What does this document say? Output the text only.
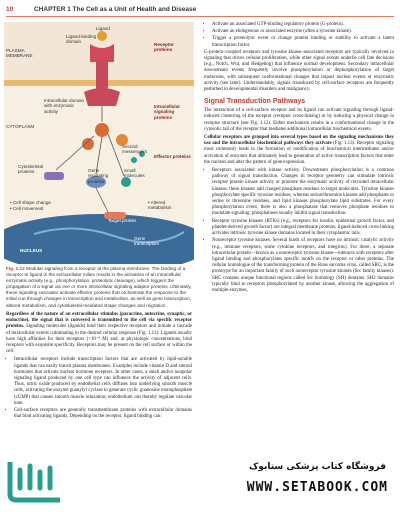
10	CHAPTER 1 The Cell as a Unit of Health and Disease
Ligand
Ligand-binding domain
Receptor proteins
PLASMA MEMBRANE
Intracellular domain with enzymatic activity
Intracellular signaling proteins
CYTOPLASM
Second messengers
Effector proteins
Cytoskeletal proteins	Gene regulating proteins
Small molecules
• Cell shape change
• Cell movement
• Altered metabolism
Target protein
Gene transcription
NUCLEUS
Fig. 1.12 Modular signaling from a receptor at the plasma membrane. The binding of a receptor to ligand in the extracellular milieu results in the activation of an intracellular enzymatic activity (e.g., phosphorylation, proteolytic cleavage), which triggers the propagation of a signal via one or more intracellular signaling adaptor proteins. Ultimately, these signaling cascades activate effector proteins that orchestrate the response to the initial cue through changes in transcription and metabolism, as well as gene transcription, altered metabolism, and cytoskeletal-mediated shape changes and migration.

Regardless of the nature of an extracellular stimulus (paracrine, autocrine, synaptic, or endocrine), the signal that is conveyed is transmitted to the cell via specific receptor proteins. Signaling molecules (ligands) bind their respective receptors and initiate a cascade of intracellular events culminating in the desired cellular response (Fig. 1.12). Ligands usually have high affinities for their receptors (<10⁻⁸ M) and, at physiologic concentrations, bind receptors with exquisite specificity. Receptors may be present on the cell surface or within the cell.

• Intracellular receptors include transcription factors that are activated by lipid-soluble ligands that can easily transit plasma membranes. Examples include vitamin D and steroid hormones that activate nuclear hormone receptors. In other cases, a small and/or nonpolar signaling ligand produced by one cell type can influence the activity of adjacent cells. Thus, nitric oxide produced by endothelial cells diffuses into underlying smooth muscle cells, activating the enzyme guanylyl cyclase to generate cyclic guanosine monophosphate (cGMP) that causes smooth muscle relaxation; endothelium can thereby regulate vascular tone.
• Cell-surface receptors are generally transmembrane proteins with extracellular domains that bind activating ligands. Depending on the receptor, ligand binding can:
• Activate an associated GTP-binding regulatory protein (G-protein).
• Activate an endogenous or associated enzyme (often a tyrosine kinase).
• Trigger a proteolytic event or change protein binding or stability to activate a latent transcription factor.

G-protein–coupled receptors and tyrosine kinase–associated receptors are typically involved in signaling that drives cellular proliferation, while other signal events underlie cell fate decisions (e.g., Notch, Wnt, and Hedgehog) that influence normal development. Secondary intracellular downstream events frequently involve phosphorylation or dephosphorylation of target molecules, with subsequent conformational changes that impact nuclear events or enzymatic activity (see later). Understandably, signals transduced by cell-surface receptors are frequently perturbed in developmental disorders and malignancy.

Signal Transduction Pathways

The interaction of a cell-surface receptor and its ligand can activate signaling through ligand-induced clustering of the receptor (receptor cross-linking) or by inducing a physical change in receptor structure (see Fig. 1.12). Either mechanism results in a conformational change in the cytosolic tail of the receptor that mediates additional intracellular biochemical events.

Cellular receptors are grouped into several types based on the signaling mechanisms they use and the intracellular biochemical pathways they activate (Fig. 1.13). Receptor signaling most commonly leads to the formation or modification of biochemical intermediates and/or activation of enzymes that ultimately lead to generation of active transcription factors that enter the nucleus and alter the pattern of gene expression.

• Receptors associated with kinase activity. Downstream phosphorylation is a common pathway of signal transduction. Changes in receptor geometry can stimulate intrinsic receptor protein kinase activity or promote the enzymatic activity of recruited intracellular kinases; these kinases add charged phosphate residues to target molecules. Tyrosine kinases phosphorylate specific tyrosine residues, whereas serine/threonine kinases add phosphates to serine or threonine residues, and lipid kinases phosphorylate lipid substrates. For every phosphorylation event, there is also a phosphatase that removes phosphate residues to modulate signaling; phosphatases usually inhibit signal transduction.
• Receptor tyrosine kinases (RTKs) (e.g., receptors for insulin, epidermal growth factor, and platelet-derived growth factor) are integral membrane proteins; ligand-induced cross-linking activates intrinsic tyrosine kinase domains located in their cytoplasmic tails.
• Nonreceptor tyrosine kinases. Several kinds of receptors have no intrinsic catalytic activity (e.g., immune receptors, some cytokine receptors, and integrins). For these, a separate intracellular protein—known as a nonreceptor tyrosine kinase—interacts with receptors after ligand binding and phosphorylates specific motifs on the receptor or other proteins. The cellular homologue of the transforming protein of the Rous sarcoma virus, called SRC, is the prototype for an important family of such nonreceptor tyrosine kinases (Src family kinases). SRC contains unique functional regions called Src homology (SH) domains. SH2 domains typically bind to receptors phosphorylated by another kinase, allowing the aggregation of multiple enzymes,
فروشگاه کتاب پزشکی ستابوک
WWW.SETABOOK.COM
